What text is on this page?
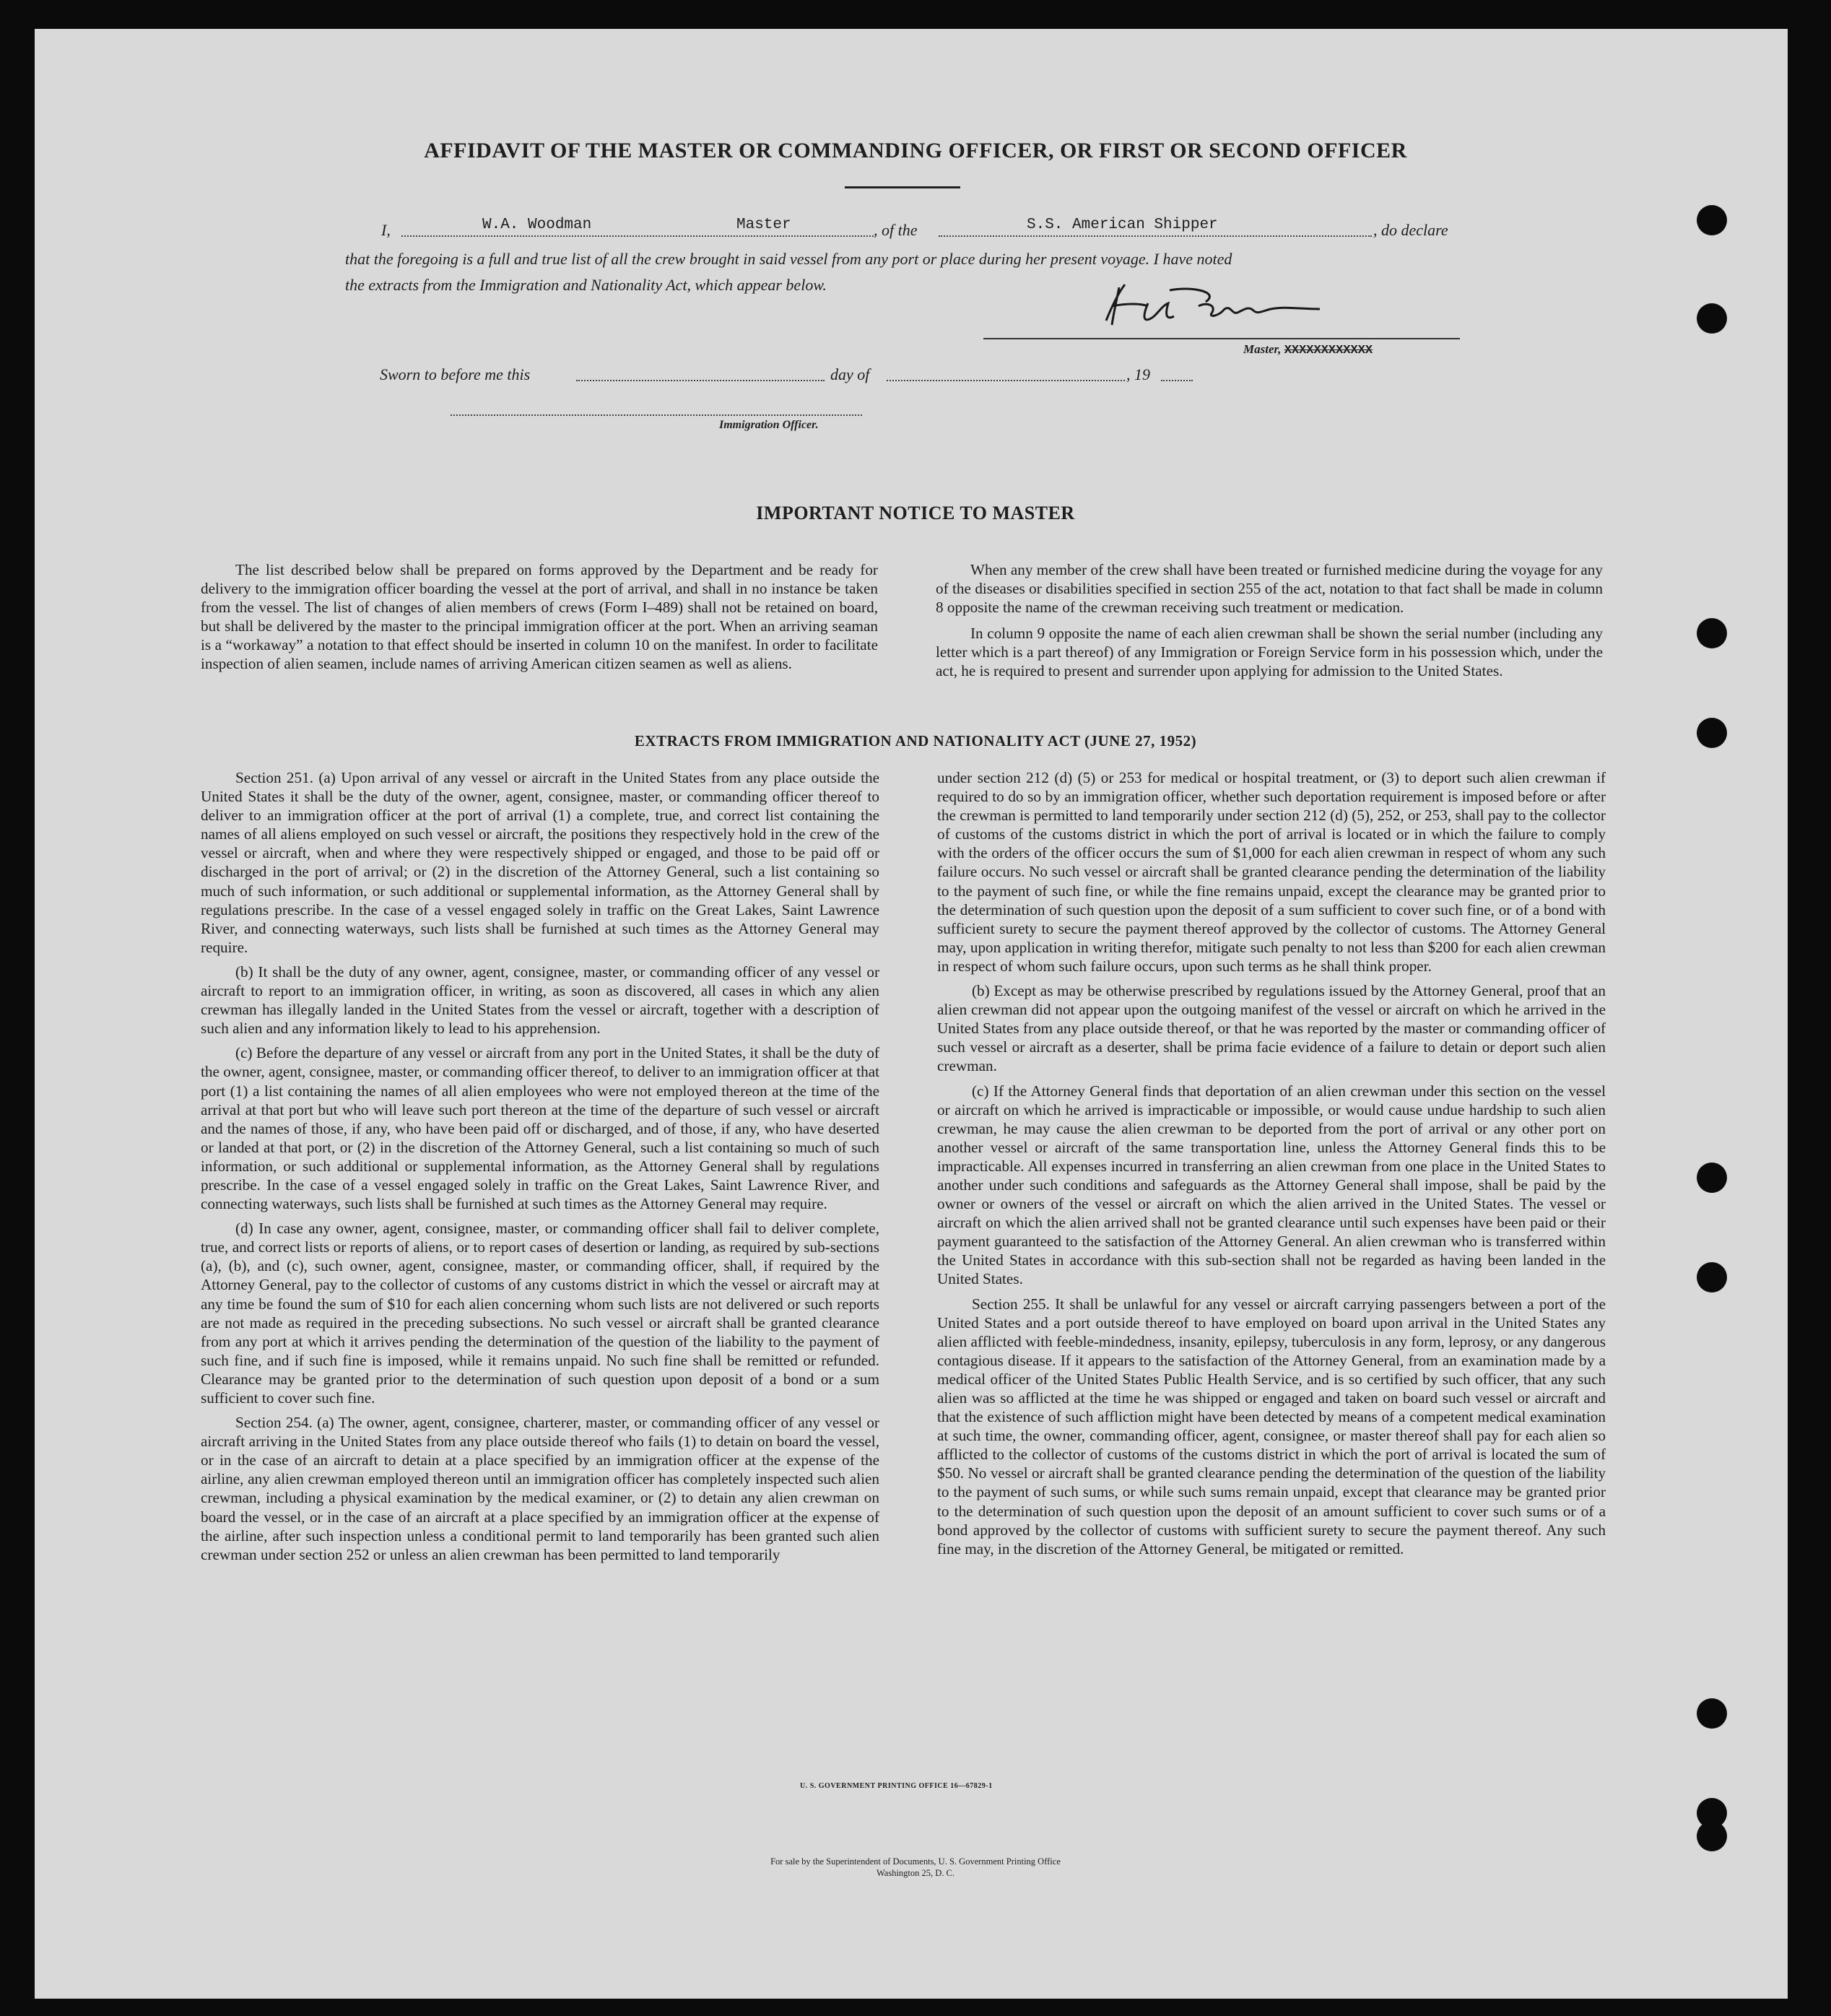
AFFIDAVIT OF THE MASTER OR COMMANDING OFFICER, OR FIRST OR SECOND OFFICER
I,	W.A. Woodman	Master	, of the	S.S. American Shipper	, do declare
that the foregoing is a full and true list of all the crew brought in said vessel from any port or place during her present voyage. I have noted
the extracts from the Immigration and Nationality Act, which appear below.
Master, XXXXXXXXXXXX
Sworn to before me this	day of	, 19
Immigration Officer.
IMPORTANT NOTICE TO MASTER

The list described below shall be prepared on forms approved by the Department and be ready for delivery to the immigration officer boarding the vessel at the port of arrival, and shall in no instance be taken from the vessel. The list of changes of alien members of crews (Form I–489) shall not be retained on board, but shall be delivered by the master to the principal immigration officer at the port. When an arriving seaman is a “workaway” a notation to that effect should be inserted in column 10 on the manifest. In order to facilitate inspection of alien seamen, include names of arriving American citizen seamen as well as aliens.

When any member of the crew shall have been treated or furnished medicine during the voyage for any of the diseases or disabilities specified in section 255 of the act, notation to that fact shall be made in column 8 opposite the name of the crewman receiving such treatment or medication.

In column 9 opposite the name of each alien crewman shall be shown the serial number (including any letter which is a part thereof) of any Immigration or Foreign Service form in his possession which, under the act, he is required to present and surrender upon applying for admission to the United States.

EXTRACTS FROM IMMIGRATION AND NATIONALITY ACT (JUNE 27, 1952)

Section 251. (a) Upon arrival of any vessel or aircraft in the United States from any place outside the United States it shall be the duty of the owner, agent, consignee, master, or commanding officer thereof to deliver to an immigration officer at the port of arrival (1) a complete, true, and correct list containing the names of all aliens employed on such vessel or aircraft, the positions they respectively hold in the crew of the vessel or aircraft, when and where they were respectively shipped or engaged, and those to be paid off or discharged in the port of arrival; or (2) in the discretion of the Attorney General, such a list containing so much of such information, or such additional or supplemental information, as the Attorney General shall by regulations prescribe. In the case of a vessel engaged solely in traffic on the Great Lakes, Saint Lawrence River, and connecting waterways, such lists shall be furnished at such times as the Attorney General may require.

(b) It shall be the duty of any owner, agent, consignee, master, or commanding officer of any vessel or aircraft to report to an immigration officer, in writing, as soon as discovered, all cases in which any alien crewman has illegally landed in the United States from the vessel or aircraft, together with a description of such alien and any information likely to lead to his apprehension.

(c) Before the departure of any vessel or aircraft from any port in the United States, it shall be the duty of the owner, agent, consignee, master, or commanding officer thereof, to deliver to an immigration officer at that port (1) a list containing the names of all alien employees who were not employed thereon at the time of the arrival at that port but who will leave such port thereon at the time of the departure of such vessel or aircraft and the names of those, if any, who have been paid off or discharged, and of those, if any, who have deserted or landed at that port, or (2) in the discretion of the Attorney General, such a list containing so much of such information, or such additional or supplemental information, as the Attorney General shall by regulations prescribe. In the case of a vessel engaged solely in traffic on the Great Lakes, Saint Lawrence River, and connecting waterways, such lists shall be furnished at such times as the Attorney General may require.

(d) In case any owner, agent, consignee, master, or commanding officer shall fail to deliver complete, true, and correct lists or reports of aliens, or to report cases of desertion or landing, as required by sub-sections (a), (b), and (c), such owner, agent, consignee, master, or commanding officer, shall, if required by the Attorney General, pay to the collector of customs of any customs district in which the vessel or aircraft may at any time be found the sum of $10 for each alien concerning whom such lists are not delivered or such reports are not made as required in the preceding subsections. No such vessel or aircraft shall be granted clearance from any port at which it arrives pending the determination of the question of the liability to the payment of such fine, and if such fine is imposed, while it remains unpaid. No such fine shall be remitted or refunded. Clearance may be granted prior to the determination of such question upon deposit of a bond or a sum sufficient to cover such fine.

Section 254. (a) The owner, agent, consignee, charterer, master, or commanding officer of any vessel or aircraft arriving in the United States from any place outside thereof who fails (1) to detain on board the vessel, or in the case of an aircraft to detain at a place specified by an immigration officer at the expense of the airline, any alien crewman employed thereon until an immigration officer has completely inspected such alien crewman, including a physical examination by the medical examiner, or (2) to detain any alien crewman on board the vessel, or in the case of an aircraft at a place specified by an immigration officer at the expense of the airline, after such inspection unless a conditional permit to land temporarily has been granted such alien crewman under section 252 or unless an alien crewman has been permitted to land temporarily

under section 212 (d) (5) or 253 for medical or hospital treatment, or (3) to deport such alien crewman if required to do so by an immigration officer, whether such deportation requirement is imposed before or after the crewman is permitted to land temporarily under section 212 (d) (5), 252, or 253, shall pay to the collector of customs of the customs district in which the port of arrival is located or in which the failure to comply with the orders of the officer occurs the sum of $1,000 for each alien crewman in respect of whom any such failure occurs. No such vessel or aircraft shall be granted clearance pending the determination of the liability to the payment of such fine, or while the fine remains unpaid, except the clearance may be granted prior to the determination of such question upon the deposit of a sum sufficient to cover such fine, or of a bond with sufficient surety to secure the payment thereof approved by the collector of customs. The Attorney General may, upon application in writing therefor, mitigate such penalty to not less than $200 for each alien crewman in respect of whom such failure occurs, upon such terms as he shall think proper.

(b) Except as may be otherwise prescribed by regulations issued by the Attorney General, proof that an alien crewman did not appear upon the outgoing manifest of the vessel or aircraft on which he arrived in the United States from any place outside thereof, or that he was reported by the master or commanding officer of such vessel or aircraft as a deserter, shall be prima facie evidence of a failure to detain or deport such alien crewman.

(c) If the Attorney General finds that deportation of an alien crewman under this section on the vessel or aircraft on which he arrived is impracticable or impossible, or would cause undue hardship to such alien crewman, he may cause the alien crewman to be deported from the port of arrival or any other port on another vessel or aircraft of the same transportation line, unless the Attorney General finds this to be impracticable. All expenses incurred in transferring an alien crewman from one place in the United States to another under such conditions and safeguards as the Attorney General shall impose, shall be paid by the owner or owners of the vessel or aircraft on which the alien arrived in the United States. The vessel or aircraft on which the alien arrived shall not be granted clearance until such expenses have been paid or their payment guaranteed to the satisfaction of the Attorney General. An alien crewman who is transferred within the United States in accordance with this sub-section shall not be regarded as having been landed in the United States.

Section 255. It shall be unlawful for any vessel or aircraft carrying passengers between a port of the United States and a port outside thereof to have employed on board upon arrival in the United States any alien afflicted with feeble-mindedness, insanity, epilepsy, tuberculosis in any form, leprosy, or any dangerous contagious disease. If it appears to the satisfaction of the Attorney General, from an examination made by a medical officer of the United States Public Health Service, and is so certified by such officer, that any such alien was so afflicted at the time he was shipped or engaged and taken on board such vessel or aircraft and that the existence of such affliction might have been detected by means of a competent medical examination at such time, the owner, commanding officer, agent, consignee, or master thereof shall pay for each alien so afflicted to the collector of customs of the customs district in which the port of arrival is located the sum of $50. No vessel or aircraft shall be granted clearance pending the determination of the question of the liability to the payment of such sums, or while such sums remain unpaid, except that clearance may be granted prior to the determination of such question upon the deposit of an amount sufficient to cover such sums or of a bond approved by the collector of customs with sufficient surety to secure the payment thereof. Any such fine may, in the discretion of the Attorney General, be mitigated or remitted.

U. S. GOVERNMENT PRINTING OFFICE 16—67829-1
For sale by the Superintendent of Documents, U. S. Government Printing Office
Washington 25, D. C.
